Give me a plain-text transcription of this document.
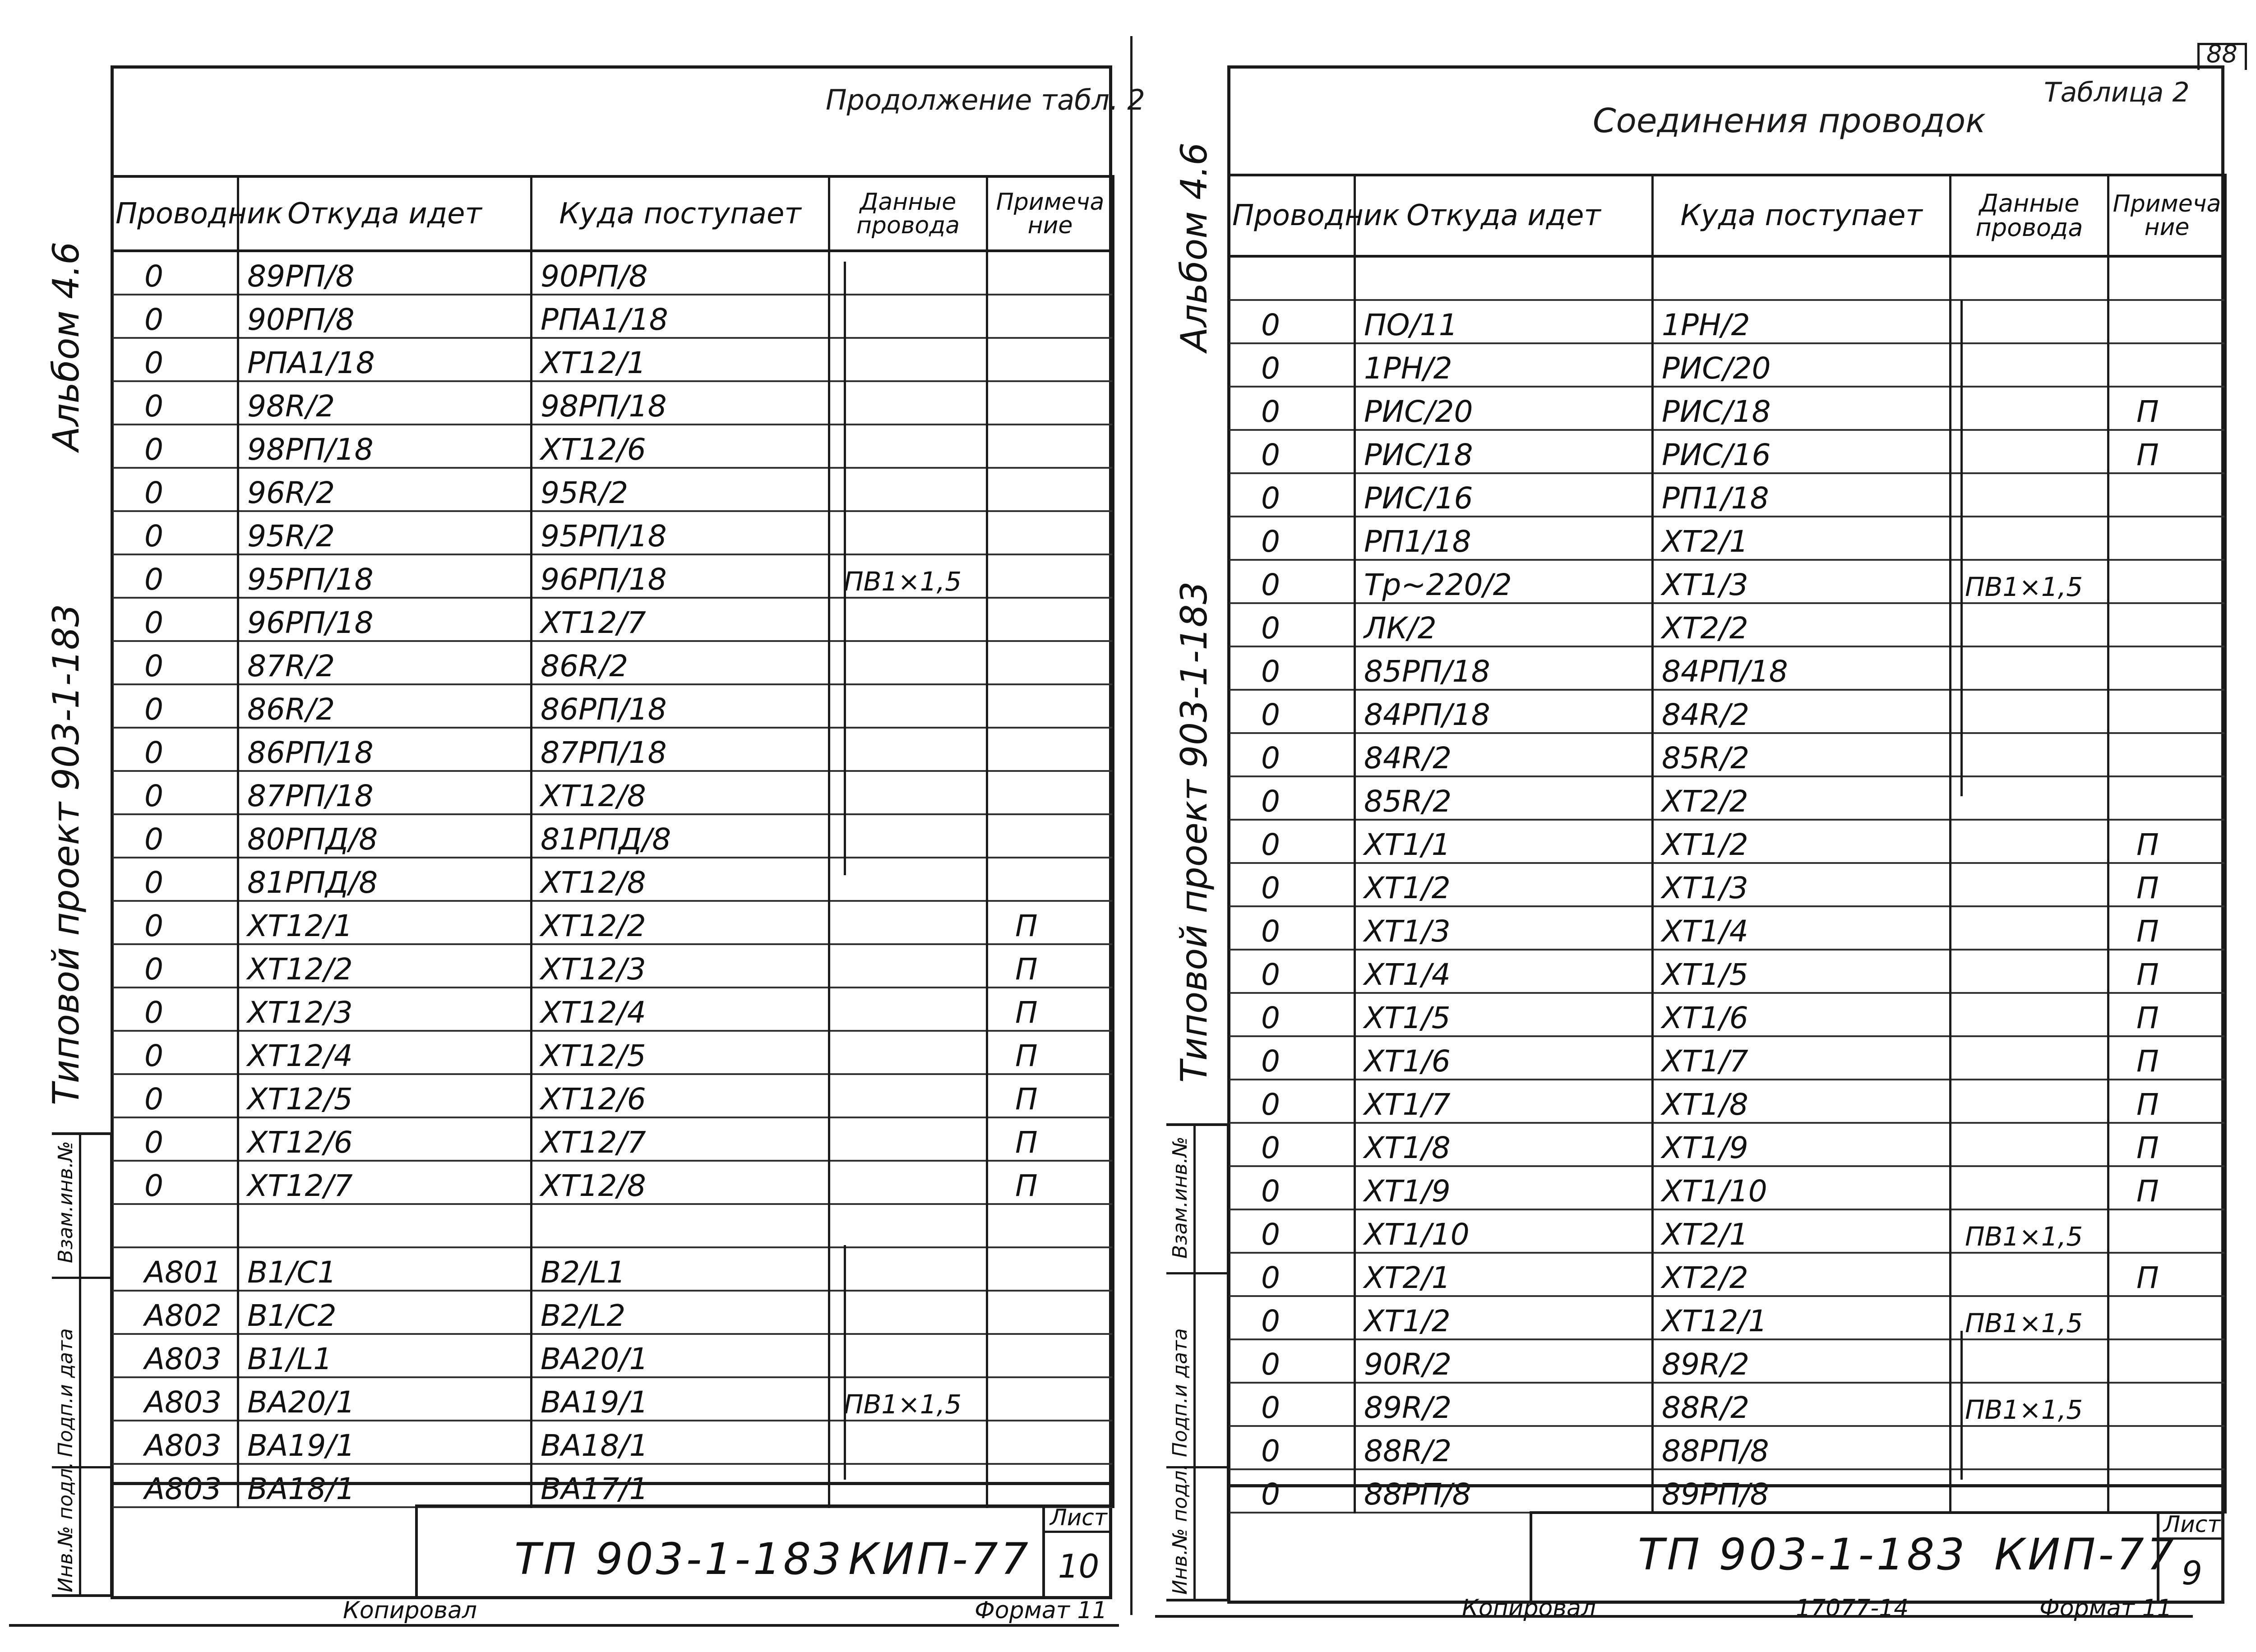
88
Продолжение табл. 2
Альбом 4.6
Типовой проект 903-1-183
Взам.инв.№
Подп.и дата
Инв.№ подл.
Проводник	Откуда идет	Куда поступает	Данные провода	Примечание
0	89РП/8	90РП/8		
0	90РП/8	РПА1/18		
0	РПА1/18	ХТ12/1		
0	98R/2	98РП/18		
0	98РП/18	ХТ12/6		
0	96R/2	95R/2		
0	95R/2	95РП/18		
0	95РП/18	96РП/18	ПВ1×1,5	
0	96РП/18	ХТ12/7		
0	87R/2	86R/2		
0	86R/2	86РП/18		
0	86РП/18	87РП/18		
0	87РП/18	ХТ12/8		
0	80РПД/8	81РПД/8		
0	81РПД/8	ХТ12/8		
0	ХТ12/1	ХТ12/2		П
0	ХТ12/2	ХТ12/3		П
0	ХТ12/3	ХТ12/4		П
0	ХТ12/4	ХТ12/5		П
0	ХТ12/5	ХТ12/6		П
0	ХТ12/6	ХТ12/7		П
0	ХТ12/7	ХТ12/8		П

А801	В1/С1	В2/L1		
А802	В1/С2	В2/L2		
А803	В1/L1	ВА20/1		
А803	ВА20/1	ВА19/1	ПВ1×1,5	
А803	ВА19/1	ВА18/1		
А803	ВА18/1	ВА17/1		
ТП 903-1-183 КИП-77
Лист
10
Копировал	Формат 11
Таблица 2
Соединения проводок
Альбом 4.6
Типовой проект 903-1-183
Взам.инв.№
Подп.и дата
Инв.№ подл.
Проводник	Откуда идет	Куда поступает	Данные провода	Примечание

0	ПО/11	1РН/2		
0	1РН/2	РИС/20		
0	РИС/20	РИС/18		П
0	РИС/18	РИС/16		П
0	РИС/16	РП1/18		
0	РП1/18	ХТ2/1		
0	Тр~220/2	ХТ1/3	ПВ1×1,5	
0	ЛК/2	ХТ2/2		
0	85РП/18	84РП/18		
0	84РП/18	84R/2		
0	84R/2	85R/2		
0	85R/2	ХТ2/2		
0	ХТ1/1	ХТ1/2		П
0	ХТ1/2	ХТ1/3		П
0	ХТ1/3	ХТ1/4		П
0	ХТ1/4	ХТ1/5		П
0	ХТ1/5	ХТ1/6		П
0	ХТ1/6	ХТ1/7		П
0	ХТ1/7	ХТ1/8		П
0	ХТ1/8	ХТ1/9		П
0	ХТ1/9	ХТ1/10		П
0	ХТ1/10	ХТ2/1	ПВ1×1,5	
0	ХТ2/1	ХТ2/2		П
0	ХТ1/2	ХТ12/1	ПВ1×1,5	
0	90R/2	89R/2		
0	89R/2	88R/2	ПВ1×1,5	
0	88R/2	88РП/8		
0	88РП/8	89РП/8		
ТП 903-1-183 КИП-77
Лист
9
Копировал	17077-14	Формат 11
